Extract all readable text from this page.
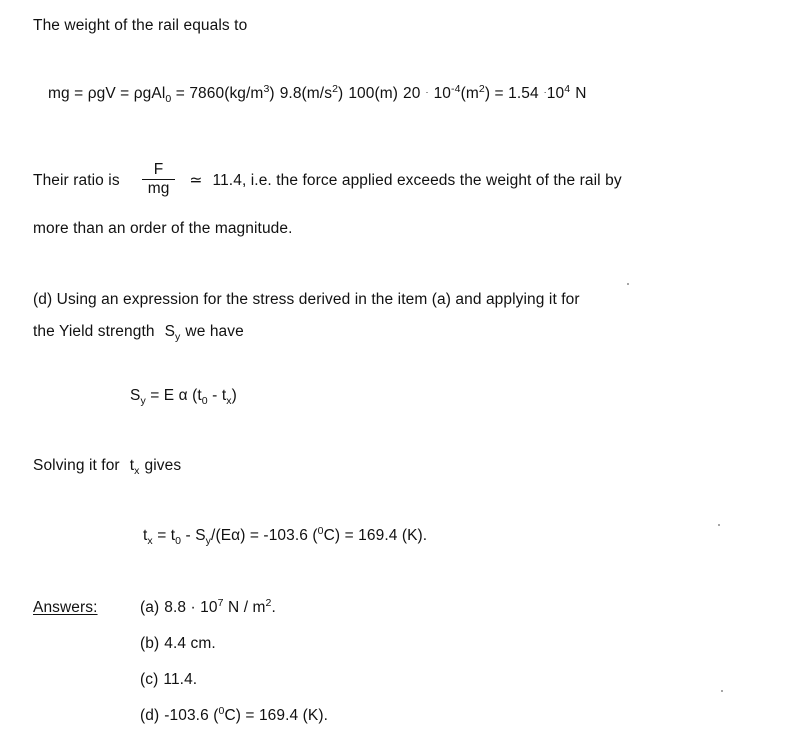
The weight of the rail equals to
mg = $\rho gV = \rho gAl_0 = 7860(kg/m^3)$ $9.8(m/s^2)$ 100(m) $20 \cdot 10^{-4}(m^2) = 1.54 \cdot 10^4$ N
Their ratio is $\frac{F}{mg}$ ≃ 11.4, i.e. the force applied exceeds the weight of the rail by
more than an order of the magnitude.
(d) Using an expression for the stress derived in the item (a) and applying it for
the Yield strength $S_y$ we have
$S_y = E$ α $(t_0 - t_x)$
Solving it for $t_x$ gives
$t_x = t_0 - S_y/(E\alpha) = -103.6$ ($^0$C) = 169.4 (K).
Answers:	(a) $8.8 \cdot 10^7$ N / $m^2$.
(b) 4.4 cm.
(c) 11.4.
(d) -103.6 ($^0$C) = 169.4 (K).
